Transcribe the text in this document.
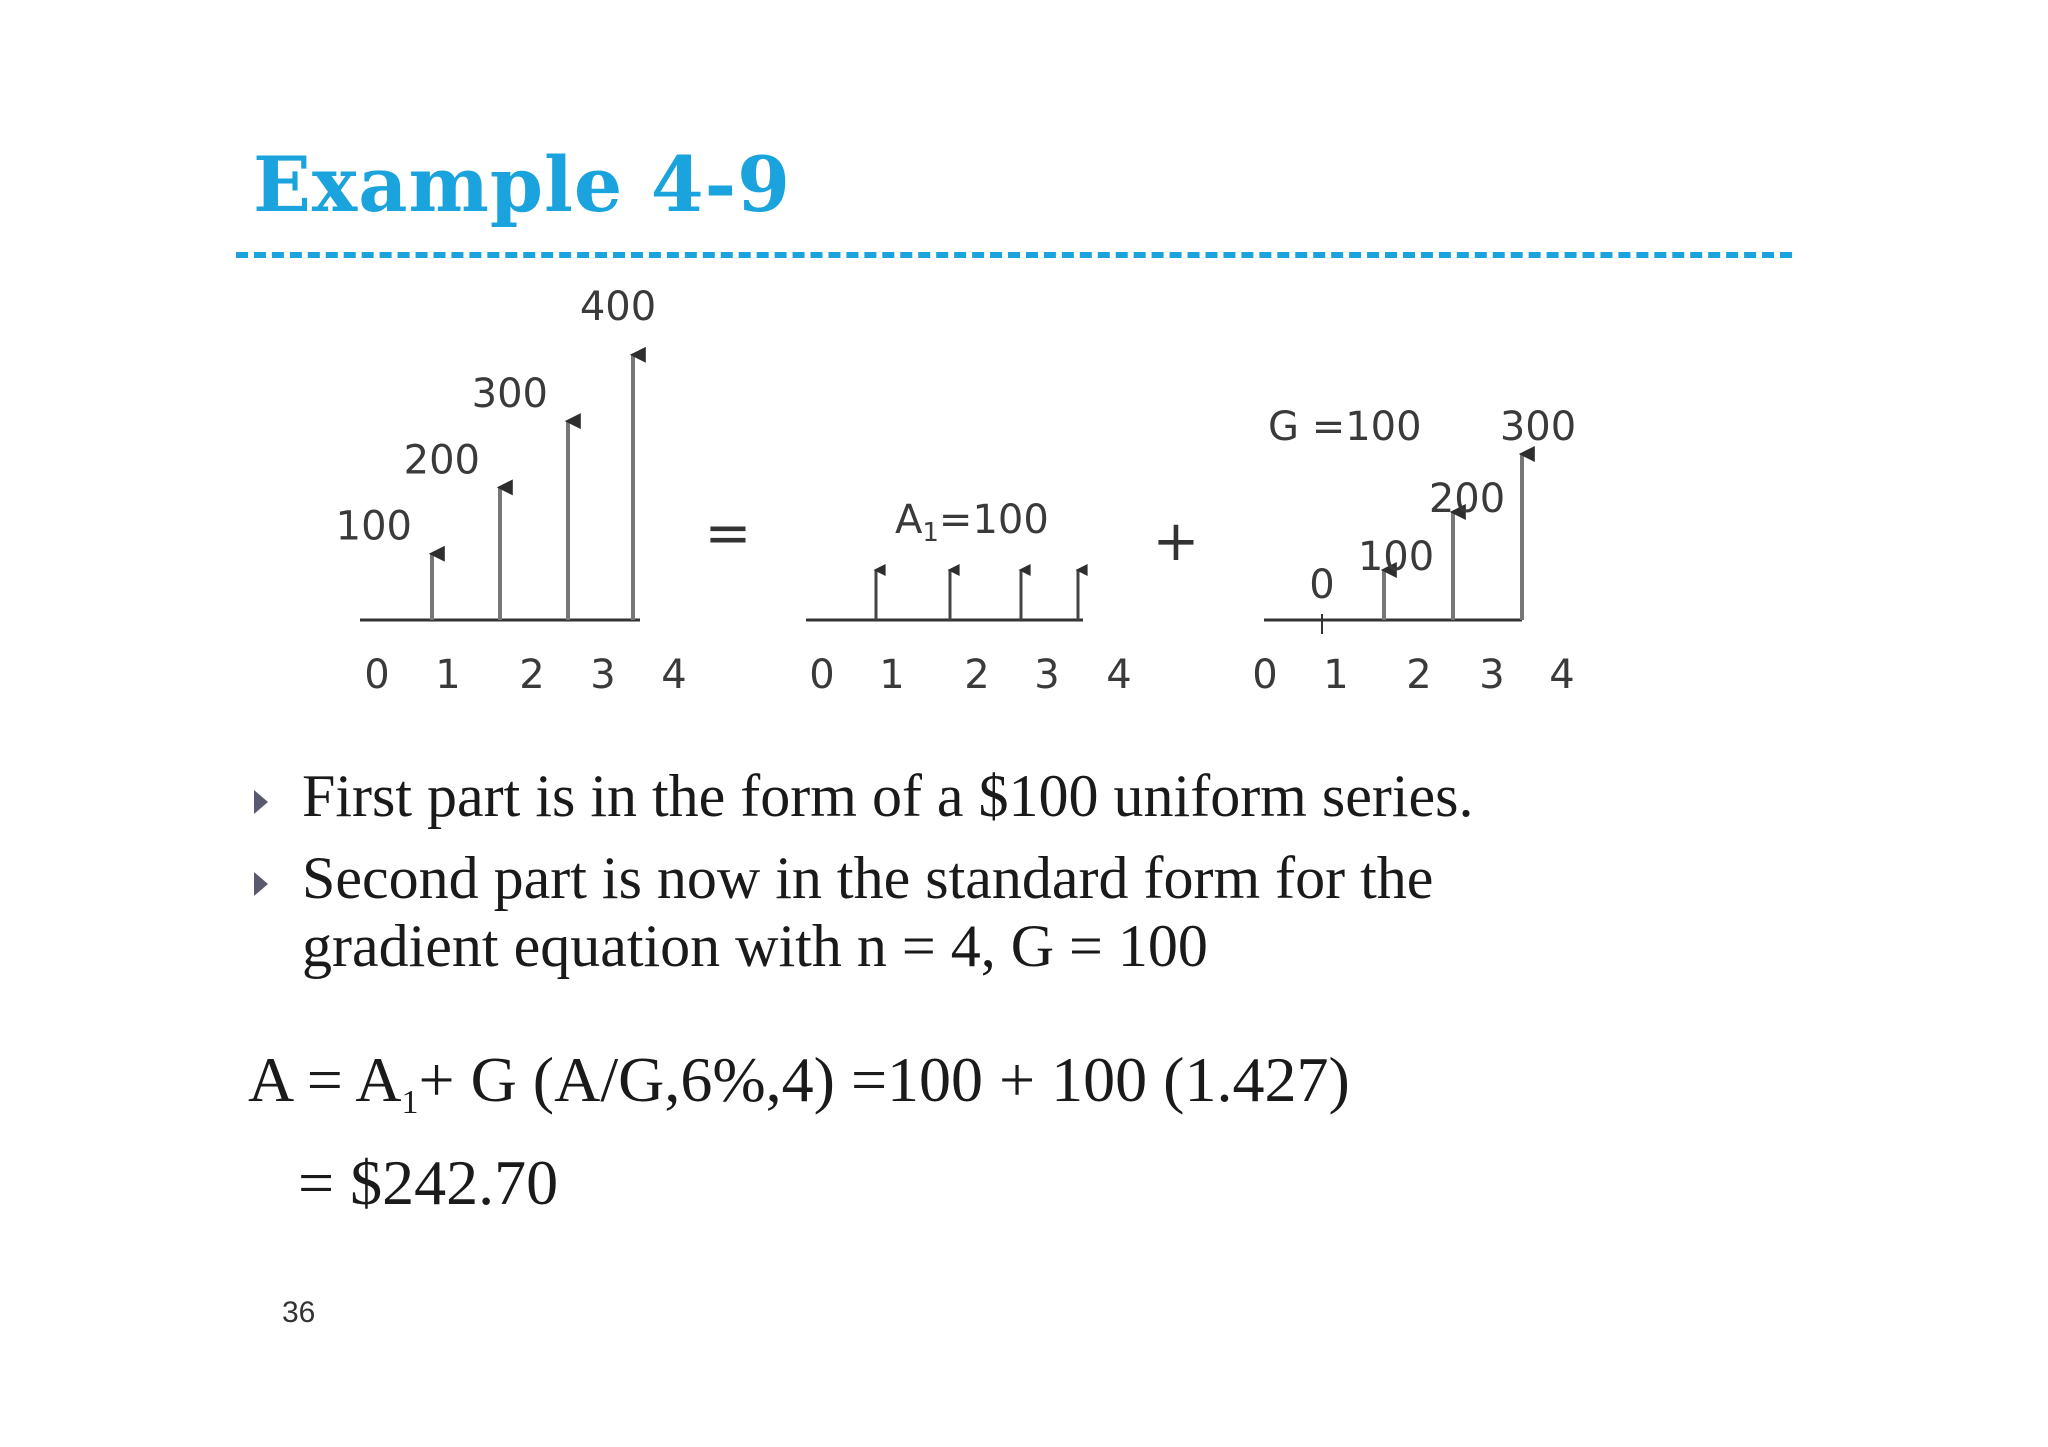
Example 4-9
100
200
300
400
0 1 2 3 4
=	$A_1=100$
0 1 2 3 4
+
0
100
200
300
G =100
0 1 2 3 4
First part is in the form of a $100 uniform series.
Second part is now in the standard form for the
gradient equation with n = 4, G = 100
$A = A_1+ G$ (A/G,6%,4) =100 + 100 (1.427)
= $242.70
36
